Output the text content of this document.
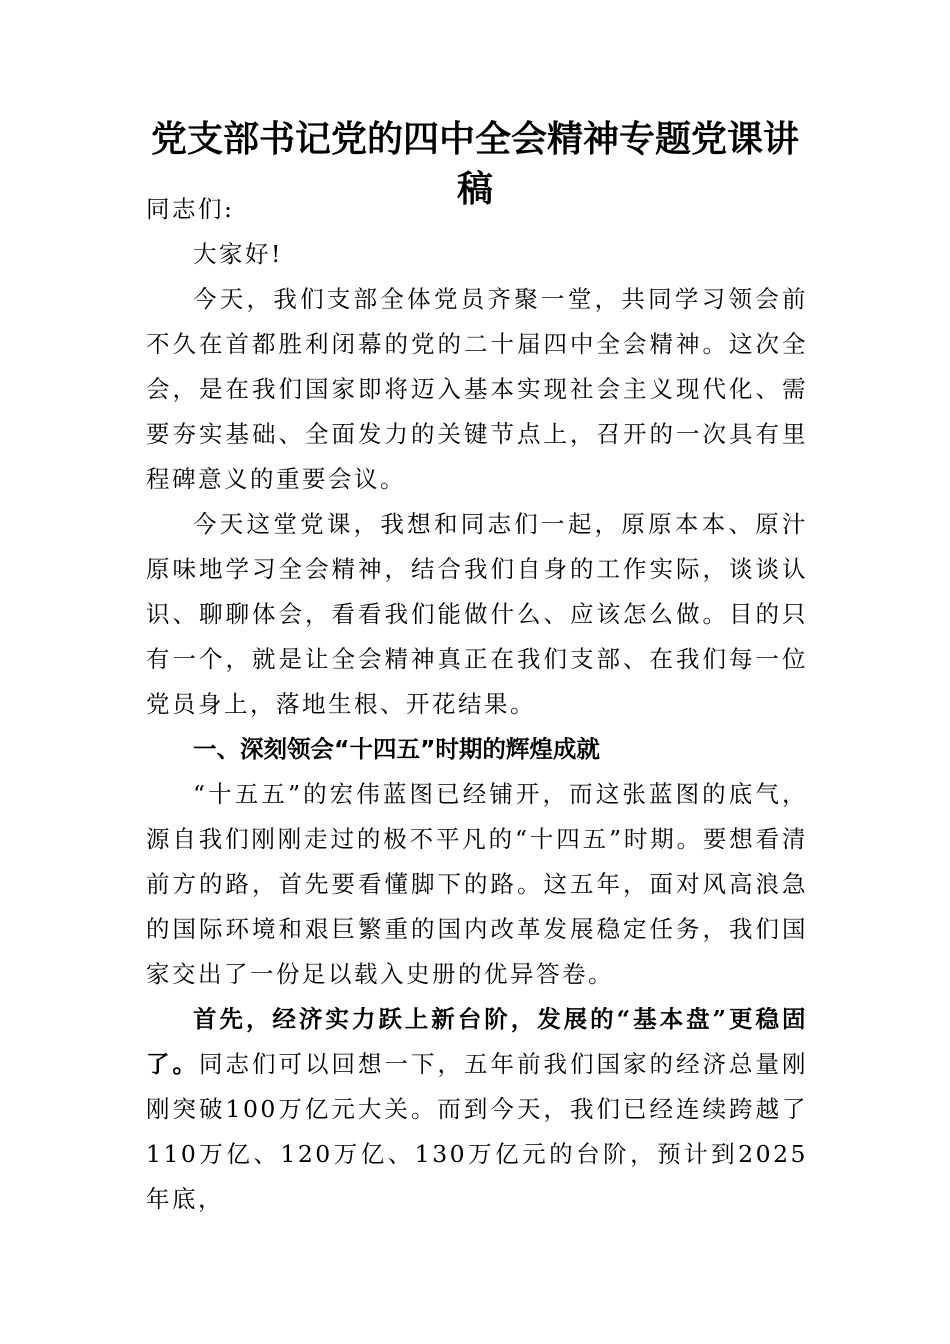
党支部书记党的四中全会精神专题党课讲稿

同志们:

大家好!

今天，我们支部全体党员齐聚一堂，共同学习领会前不久在首都胜利闭幕的党的二十届四中全会精神。这次全会，是在我们国家即将迈入基本实现社会主义现代化、需要夯实基础、全面发力的关键节点上，召开的一次具有里程碑意义的重要会议。

今天这堂党课，我想和同志们一起，原原本本、原汁原味地学习全会精神，结合我们自身的工作实际，谈谈认识、聊聊体会，看看我们能做什么、应该怎么做。目的只有一个，就是让全会精神真正在我们支部、在我们每一位党员身上，落地生根、开花结果。

一、深刻领会“十四五”时期的辉煌成就

“十五五”的宏伟蓝图已经铺开，而这张蓝图的底气，源自我们刚刚走过的极不平凡的“十四五”时期。要想看清前方的路，首先要看懂脚下的路。这五年，面对风高浪急的国际环境和艰巨繁重的国内改革发展稳定任务，我们国家交出了一份足以载入史册的优异答卷。

首先，经济实力跃上新台阶，发展的“基本盘”更稳固了。同志们可以回想一下，五年前我们国家的经济总量刚刚突破100万亿元大关。而到今天，我们已经连续跨越了110万亿、120万亿、130万亿元的台阶，预计到2025年底，
